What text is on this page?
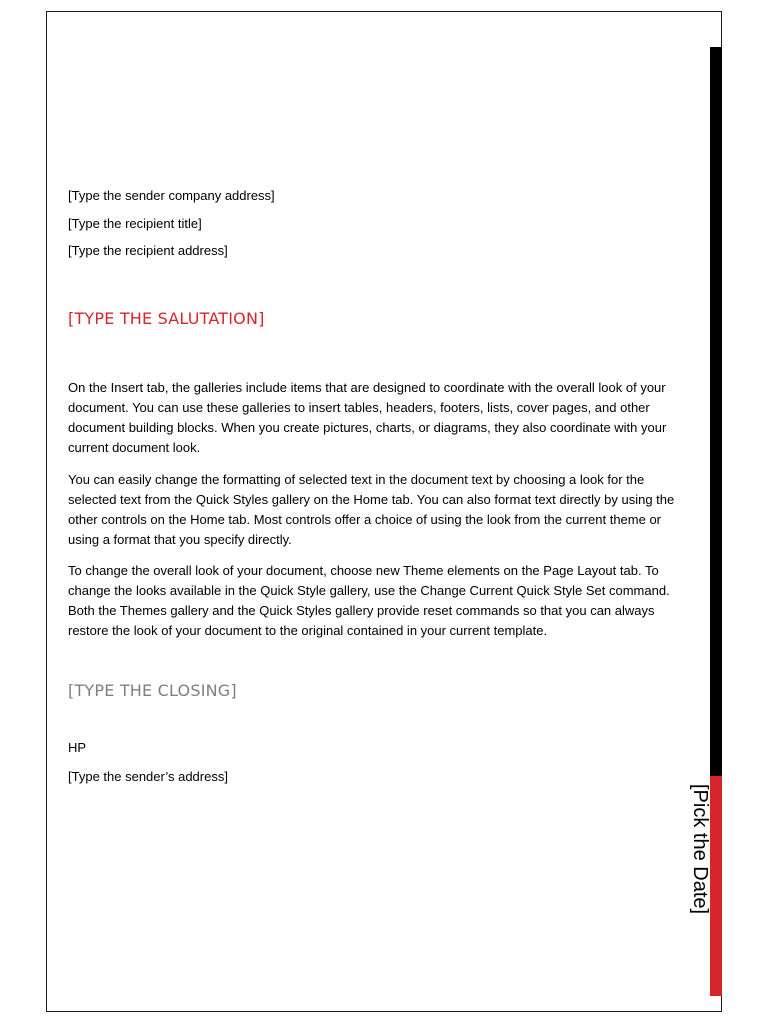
[Pick the Date]
[Type the sender company address]
[Type the recipient title]
[Type the recipient address]
[TYPE THE SALUTATION]

On the Insert tab, the galleries include items that are designed to coordinate with the overall look of your document. You can use these galleries to insert tables, headers, footers, lists, cover pages, and other document building blocks. When you create pictures, charts, or diagrams, they also coordinate with your current document look.

You can easily change the formatting of selected text in the document text by choosing a look for the selected text from the Quick Styles gallery on the Home tab. You can also format text directly by using the other controls on the Home tab. Most controls offer a choice of using the look from the current theme or using a format that you specify directly.

To change the overall look of your document, choose new Theme elements on the Page Layout tab. To change the looks available in the Quick Style gallery, use the Change Current Quick Style Set command. Both the Themes gallery and the Quick Styles gallery provide reset commands so that you can always restore the look of your document to the original contained in your current template.

[TYPE THE CLOSING]
HP
[Type the sender’s address]
